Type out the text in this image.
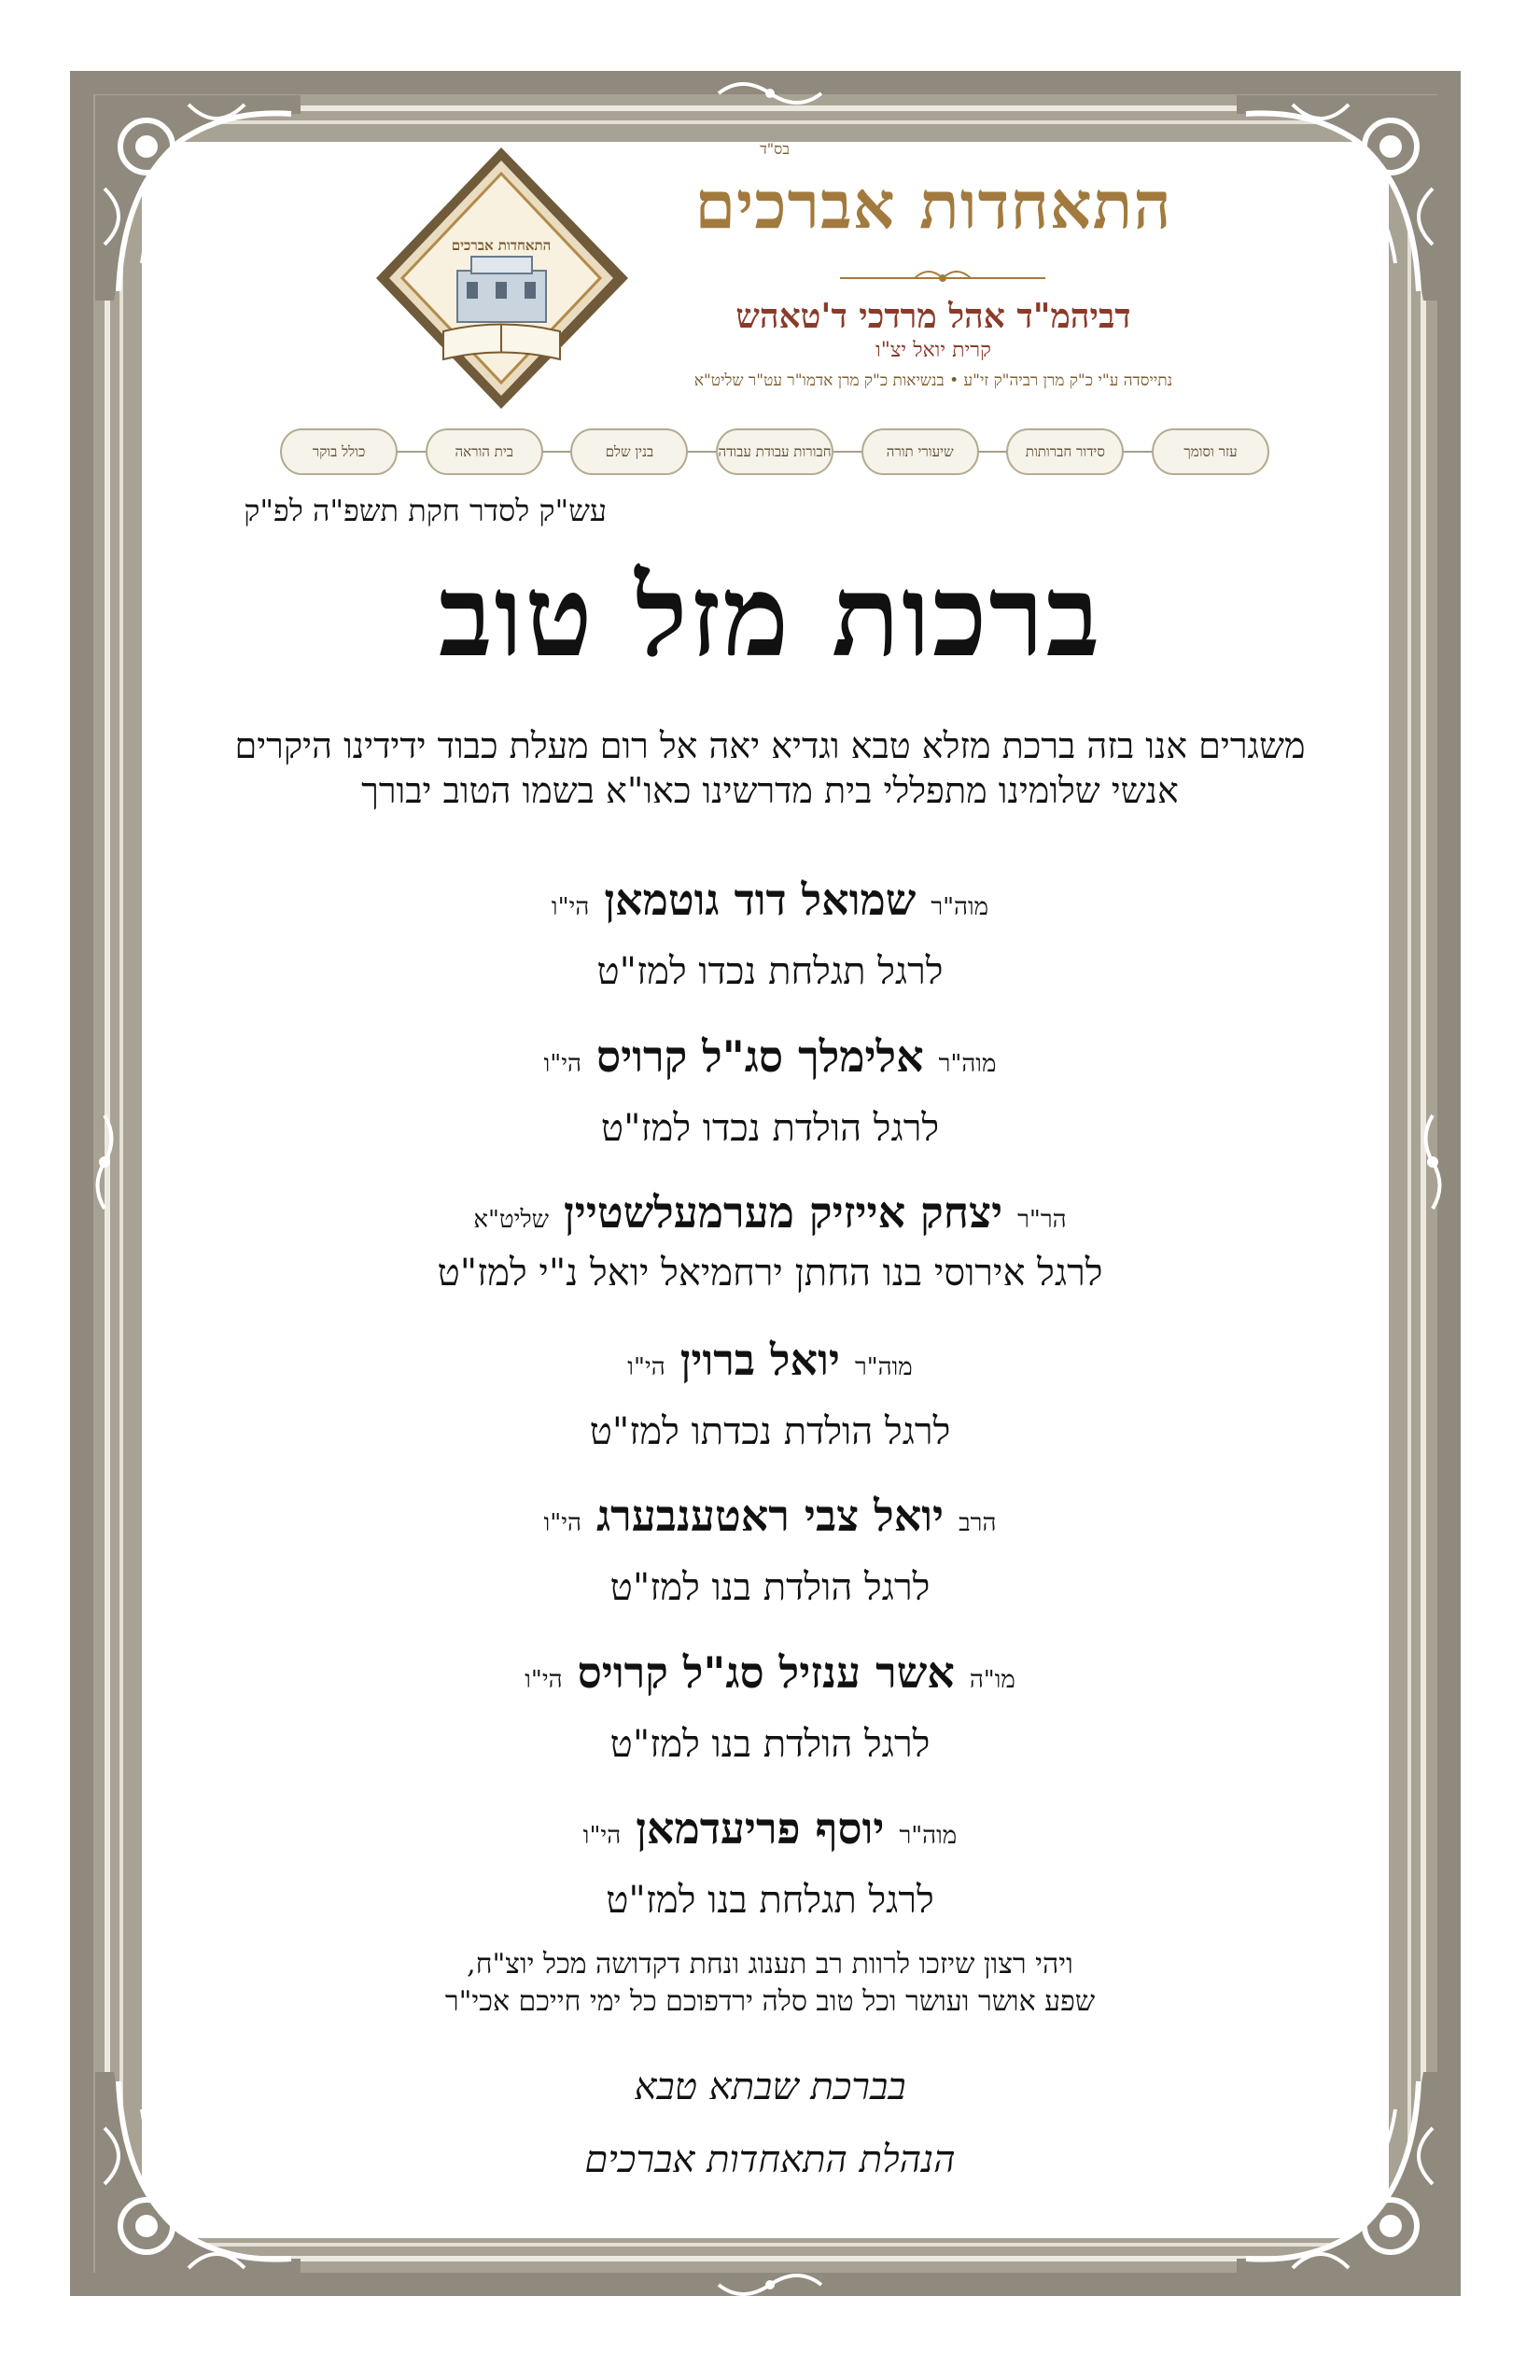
בס"ד
התאחדות אברכים
דביהמ"ד אהל מרדכי ד'טאהש
קרית יואל יצ"ו
נתייסדה ע"י כ"ק מרן רביה"ק זי"ע • בנשיאות כ"ק מרן אדמו"ר עט"ר שליט"א
התאחדות אברכים
כולל בוקר	בית הוראה	בנין שלם	חבורות עבודת עבודה	שיעורי תורה	סידור חברותות	עזר וסומך
עש"ק לסדר חקת תשפ"ה לפ"ק
ברכות מזל טוב
משגרים אנו בזה ברכת מזלא טבא וגדיא יאה אל רום מעלת כבוד ידידינו היקרים
אנשי שלומינו מתפללי בית מדרשינו כאו"א בשמו הטוב יבורך
מוה"ר שמואל דוד גוטמאן הי"ו
לרגל תגלחת נכדו למז"ט
מוה"ר אלימלך סג"ל קרויס הי"ו
לרגל הולדת נכדו למז"ט
הר"ר יצחק אייזיק מערמעלשטיין שליט"א
לרגל אירוסי בנו החתן ירחמיאל יואל נ"י למז"ט
מוה"ר יואל ברוין הי"ו
לרגל הולדת נכדתו למז"ט
הרב יואל צבי ראטענבערג הי"ו
לרגל הולדת בנו למז"ט
מו"ה אשר ענזיל סג"ל קרויס הי"ו
לרגל הולדת בנו למז"ט
מוה"ר יוסף פריעדמאן הי"ו
לרגל תגלחת בנו למז"ט
ויהי רצון שיזכו לרוות רב תענוג ונחת דקדושה מכל יוצ"ח,
שפע אושר ועושר וכל טוב סלה ירדפוכם כל ימי חייכם אכי"ר
בברכת שבתא טבא
הנהלת התאחדות אברכים
